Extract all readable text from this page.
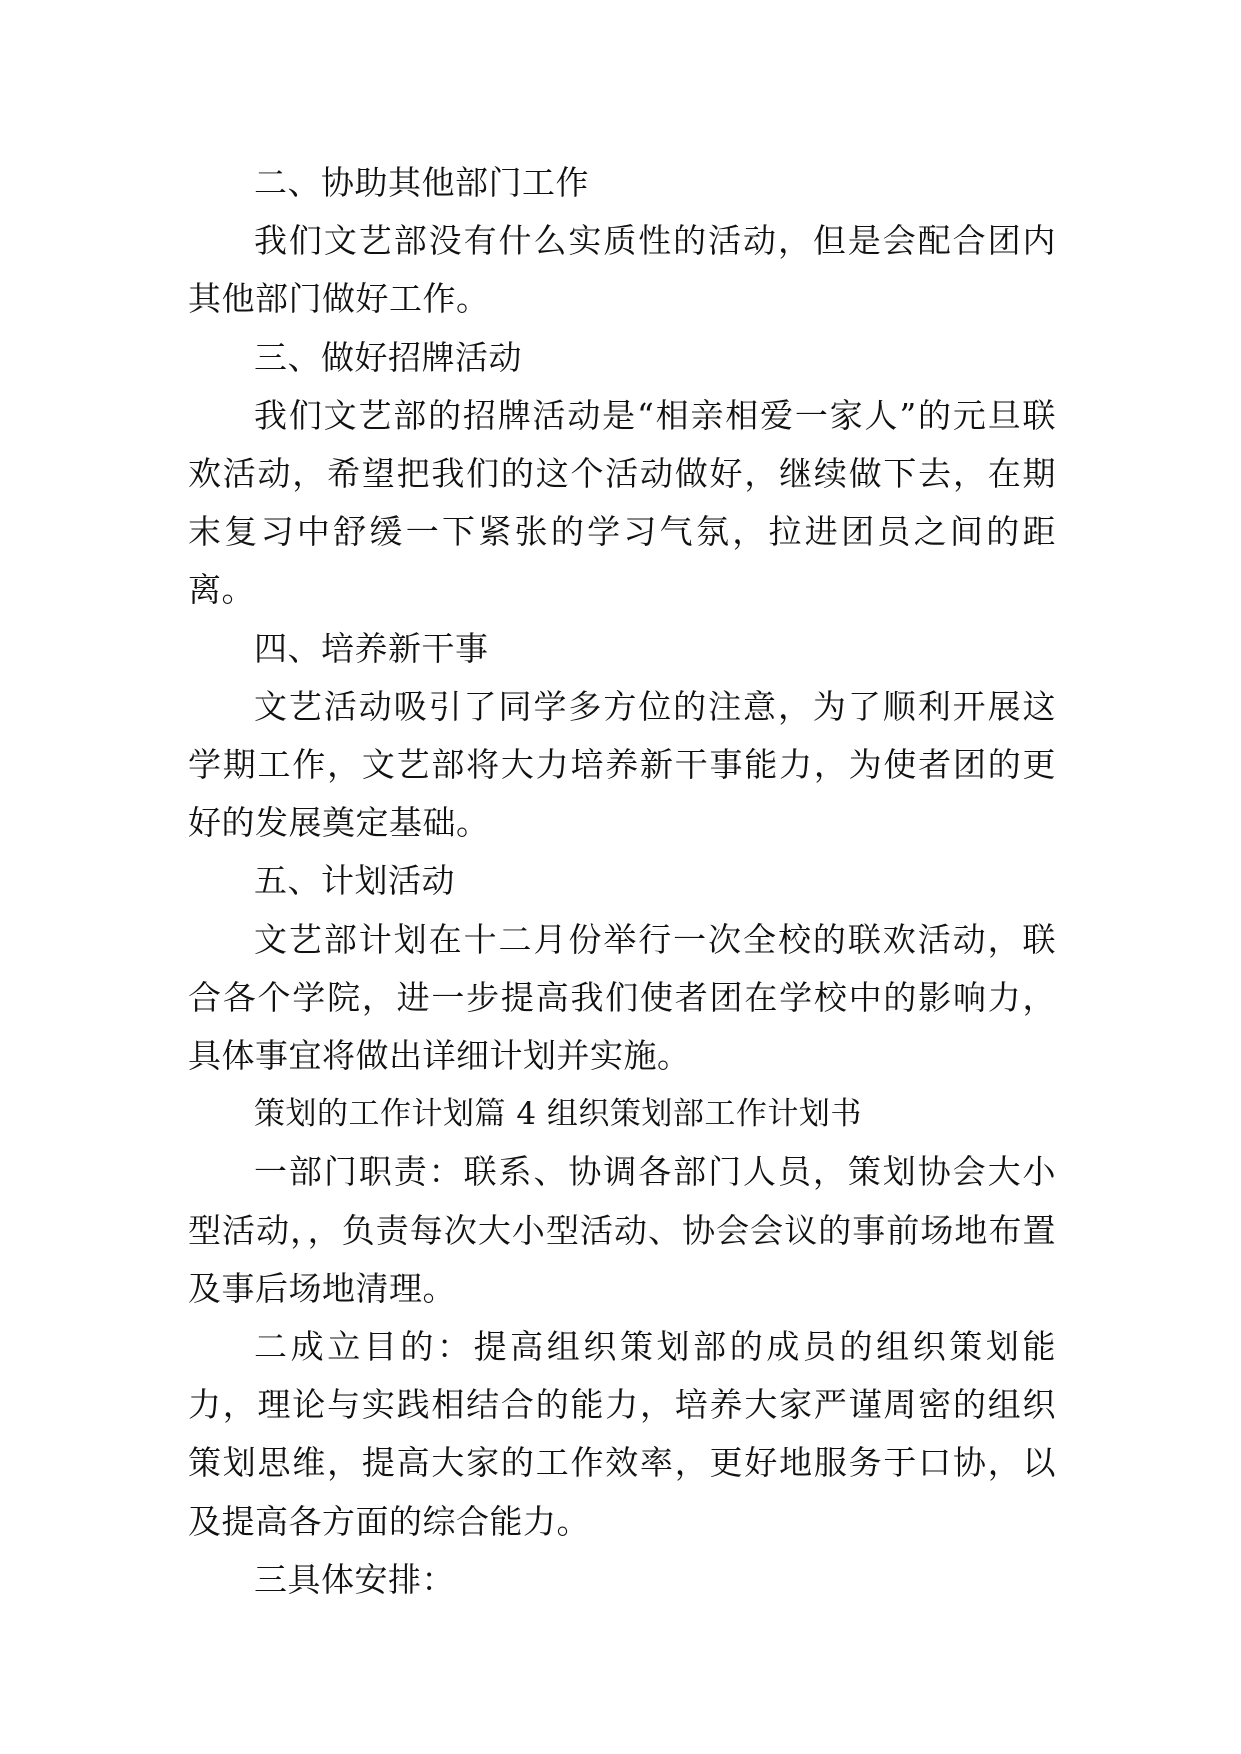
二、协助其他部门工作

我们文艺部没有什么实质性的活动，但是会配合团内其他部门做好工作。

三、做好招牌活动

我们文艺部的招牌活动是“相亲相爱一家人”的元旦联欢活动，希望把我们的这个活动做好，继续做下去，在期末复习中舒缓一下紧张的学习气氛，拉进团员之间的距离。

四、培养新干事

文艺活动吸引了同学多方位的注意，为了顺利开展这学期工作，文艺部将大力培养新干事能力，为使者团的更好的发展奠定基础。

五、计划活动

文艺部计划在十二月份举行一次全校的联欢活动，联合各个学院，进一步提高我们使者团在学校中的影响力，具体事宜将做出详细计划并实施。

策划的工作计划篇 4 组织策划部工作计划书

一部门职责：联系、协调各部门人员，策划协会大小型活动，，负责每次大小型活动、协会会议的事前场地布置及事后场地清理。

二成立目的：提高组织策划部的成员的组织策划能力，理论与实践相结合的能力，培养大家严谨周密的组织策划思维，提高大家的工作效率，更好地服务于口协，以及提高各方面的综合能力。

三具体安排：
